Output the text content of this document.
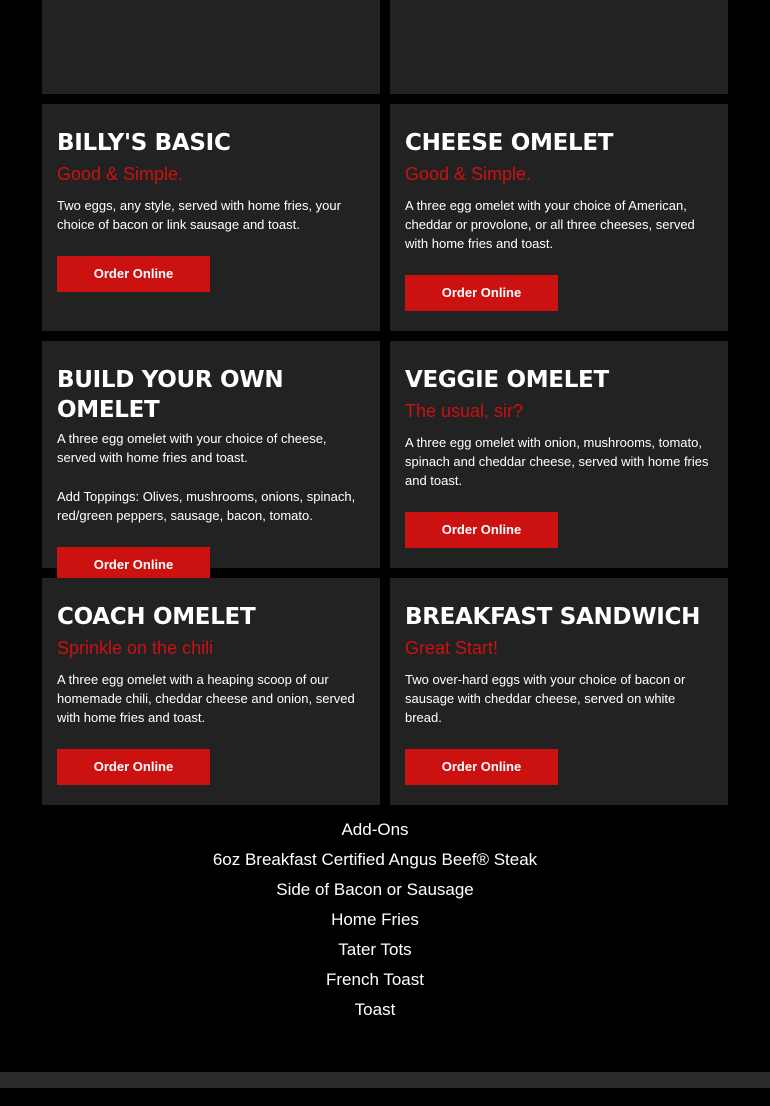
BILLY'S BASIC
Good & Simple.
Two eggs, any style, served with home fries, your choice of bacon or link sausage and toast.
Order Online
CHEESE OMELET
Good & Simple.
A three egg omelet with your choice of American, cheddar or provolone, or all three cheeses, served with home fries and toast.
Order Online
BUILD YOUR OWN OMELET
A three egg omelet with your choice of cheese, served with home fries and toast.
Add Toppings: Olives, mushrooms, onions, spinach, red/green peppers, sausage, bacon, tomato.
Order Online
VEGGIE OMELET
The usual, sir?
A three egg omelet with onion, mushrooms, tomato, spinach and cheddar cheese, served with home fries and toast.
Order Online
COACH OMELET
Sprinkle on the chili
A three egg omelet with a heaping scoop of our homemade chili, cheddar cheese and onion, served with home fries and toast.
Order Online
BREAKFAST SANDWICH
Great Start!
Two over-hard eggs with your choice of bacon or sausage with cheddar cheese, served on white bread.
Order Online
Add-Ons
6oz Breakfast Certified Angus Beef® Steak
Side of Bacon or Sausage
Home Fries
Tater Tots
French Toast
Toast
